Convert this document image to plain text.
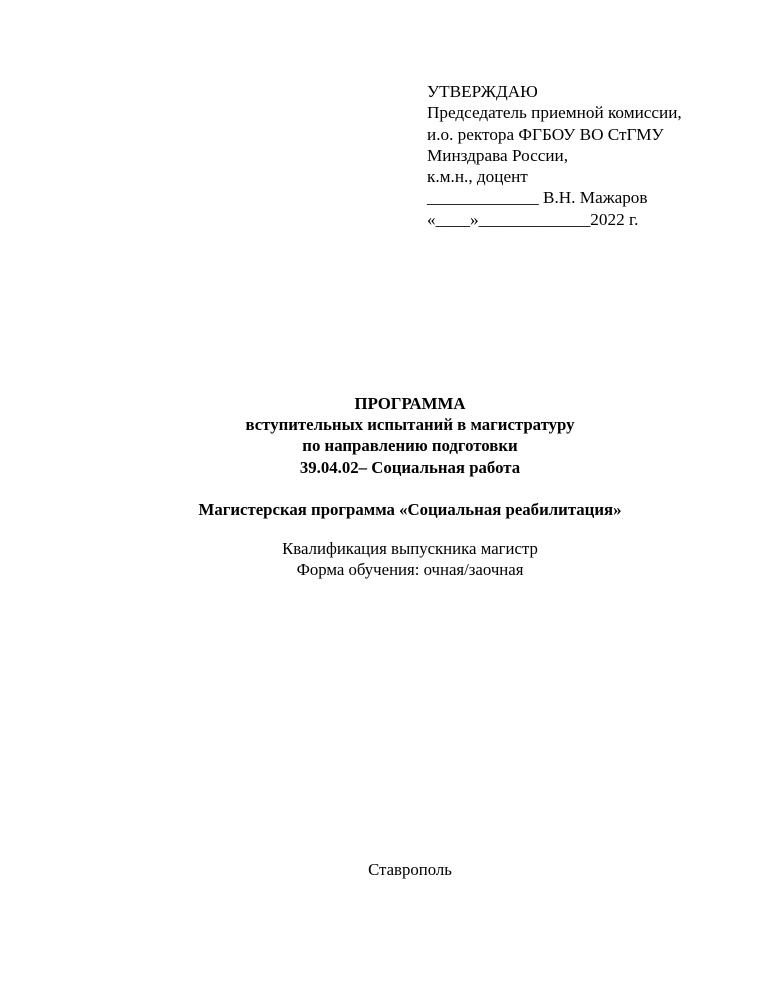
УТВЕРЖДАЮ
Председатель приемной комиссии,
и.о. ректора ФГБОУ ВО СтГМУ
Минздрава России,
к.м.н., доцент
_____________ В.Н. Мажаров
«____»_____________2022 г.
ПРОГРАММА
вступительных испытаний в магистратуру
по направлению подготовки
39.04.02– Социальная работа
Магистерская программа «Социальная реабилитация»
Квалификация выпускника магистр
Форма обучения: очная/заочная
Ставрополь
